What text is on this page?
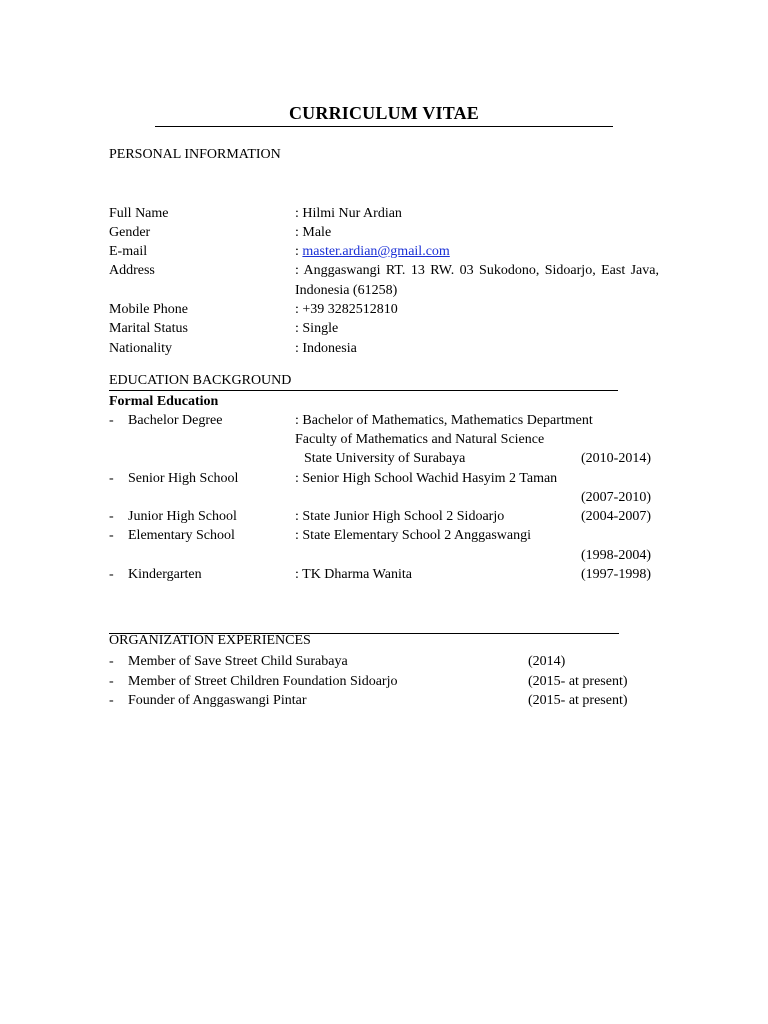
CURRICULUM VITAE
PERSONAL INFORMATION
Full Name	: Hilmi Nur Ardian
Gender	: Male
E-mail	: master.ardian@gmail.com
Address	: Anggaswangi RT. 13 RW. 03 Sukodono, Sidoarjo, East Java, Indonesia (61258)
Mobile Phone	: +39 3282512810
Marital Status	: Single
Nationality	: Indonesia
EDUCATION BACKGROUND
Formal Education
- Bachelor Degree	: Bachelor of Mathematics, Mathematics Department
Faculty of Mathematics and Natural Science
State University of Surabaya	(2010-2014)
- Senior High School	: Senior High School Wachid Hasyim 2 Taman
(2007-2010)
- Junior High School	: State Junior High School 2 Sidoarjo	(2004-2007)
- Elementary School	: State Elementary School 2 Anggaswangi
(1998-2004)
- Kindergarten	: TK Dharma Wanita	(1997-1998)
ORGANIZATION EXPERIENCES
- Member of Save Street Child Surabaya	(2014)
- Member of Street Children Foundation Sidoarjo	(2015- at present)
- Founder of Anggaswangi Pintar	(2015- at present)
